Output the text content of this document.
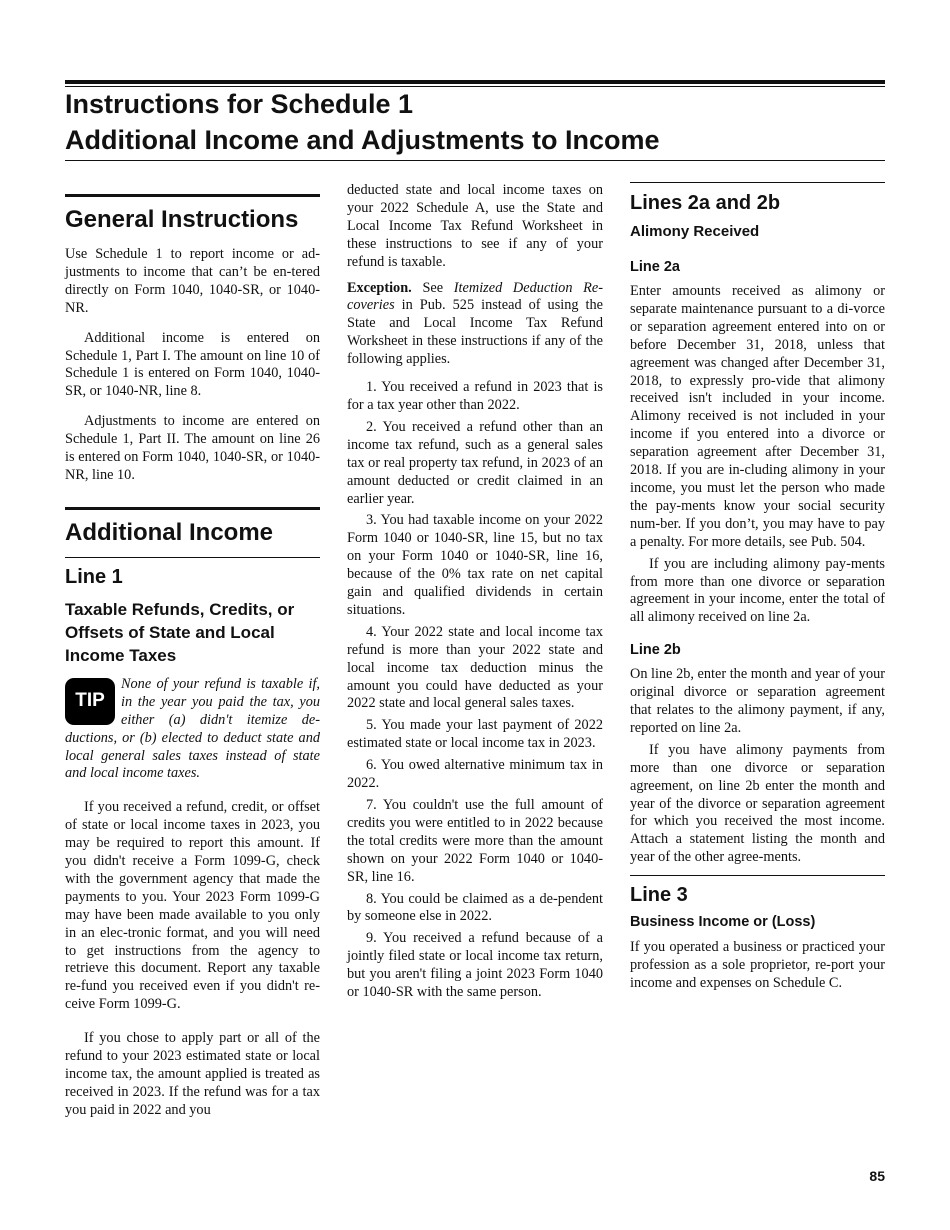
Instructions for Schedule 1
Additional Income and Adjustments to Income
General Instructions

Use Schedule 1 to report income or ad-justments to income that can’t be en-tered directly on Form 1040, 1040-SR, or 1040-NR.

Additional income is entered on Schedule 1, Part I. The amount on line 10 of Schedule 1 is entered on Form 1040, 1040-SR, or 1040-NR, line 8.

Adjustments to income are entered on Schedule 1, Part II. The amount on line 26 is entered on Form 1040, 1040-SR, or 1040-NR, line 10.

Additional Income
Line 1
Taxable Refunds, Credits, or Offsets of State and Local Income Taxes
TIP
None of your refund is taxable if, in the year you paid the tax, you either (a) didn't itemize de-ductions, or (b) elected to deduct state and local general sales taxes instead of state and local income taxes.

If you received a refund, credit, or offset of state or local income taxes in 2023, you may be required to report this amount. If you didn't receive a Form 1099-G, check with the government agency that made the payments to you. Your 2023 Form 1099-G may have been made available to you only in an elec-tronic format, and you will need to get instructions from the agency to retrieve this document. Report any taxable re-fund you received even if you didn't re-ceive Form 1099-G.

If you chose to apply part or all of the refund to your 2023 estimated state or local income tax, the amount applied is treated as received in 2023. If the refund was for a tax you paid in 2022 and you

deducted state and local income taxes on your 2022 Schedule A, use the State and Local Income Tax Refund Worksheet in these instructions to see if any of your refund is taxable.

Exception. See Itemized Deduction Re-coveries in Pub. 525 instead of using the State and Local Income Tax Refund Worksheet in these instructions if any of the following applies.

1. You received a refund in 2023 that is for a tax year other than 2022.

2. You received a refund other than an income tax refund, such as a general sales tax or real property tax refund, in 2023 of an amount deducted or credit claimed in an earlier year.

3. You had taxable income on your 2022 Form 1040 or 1040-SR, line 15, but no tax on your Form 1040 or 1040-SR, line 16, because of the 0% tax rate on net capital gain and qualified dividends in certain situations.

4. Your 2022 state and local income tax refund is more than your 2022 state and local income tax deduction minus the amount you could have deducted as your 2022 state and local general sales taxes.

5. You made your last payment of 2022 estimated state or local income tax in 2023.

6. You owed alternative minimum tax in 2022.

7. You couldn't use the full amount of credits you were entitled to in 2022 because the total credits were more than the amount shown on your 2022 Form 1040 or 1040-SR, line 16.

8. You could be claimed as a de-pendent by someone else in 2022.

9. You received a refund because of a jointly filed state or local income tax return, but you aren't filing a joint 2023 Form 1040 or 1040-SR with the same person.

Lines 2a and 2b
Alimony Received
Line 2a

Enter amounts received as alimony or separate maintenance pursuant to a di-vorce or separation agreement entered into on or before December 31, 2018, unless that agreement was changed after December 31, 2018, to expressly pro-vide that alimony received isn't included in your income. Alimony received is not included in your income if you entered into a divorce or separation agreement after December 31, 2018. If you are in-cluding alimony in your income, you must let the person who made the pay-ments know your social security num-ber. If you don’t, you may have to pay a penalty. For more details, see Pub. 504.

If you are including alimony pay-ments from more than one divorce or separation agreement in your income, enter the total of all alimony received on line 2a.

Line 2b

On line 2b, enter the month and year of your original divorce or separation agreement that relates to the alimony payment, if any, reported on line 2a.

If you have alimony payments from more than one divorce or separation agreement, on line 2b enter the month and year of the divorce or separation agreement for which you received the most income. Attach a statement listing the month and year of the other agree-ments.

Line 3
Business Income or (Loss)

If you operated a business or practiced your profession as a sole proprietor, re-port your income and expenses on Schedule C.

85
